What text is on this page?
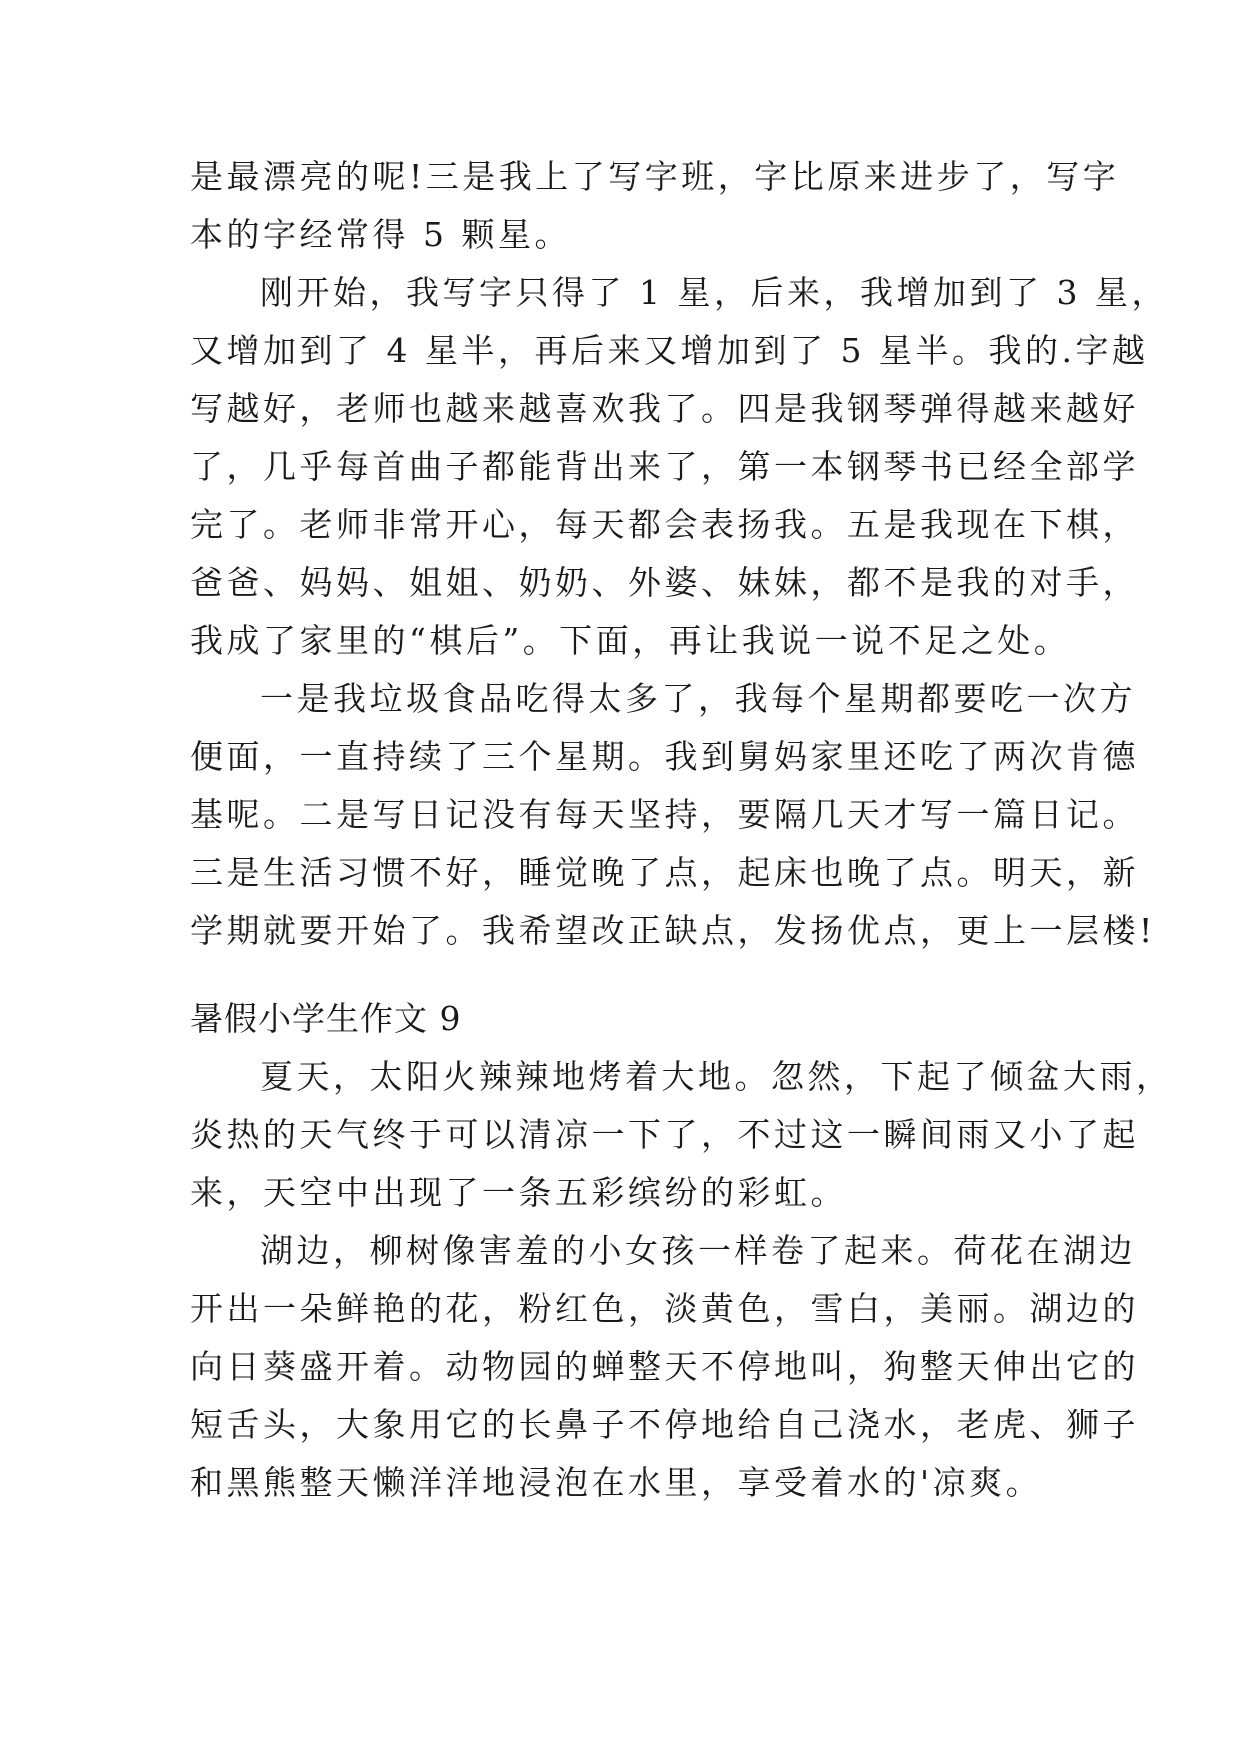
是最漂亮的呢!三是我上了写字班，字比原来进步了，写字
本的字经常得 5 颗星。
刚开始，我写字只得了 1 星，后来，我增加到了 3 星，
又增加到了 4 星半，再后来又增加到了 5 星半。我的.字越
写越好，老师也越来越喜欢我了。四是我钢琴弹得越来越好
了，几乎每首曲子都能背出来了，第一本钢琴书已经全部学
完了。老师非常开心，每天都会表扬我。五是我现在下棋，
爸爸、妈妈、姐姐、奶奶、外婆、妹妹，都不是我的对手，
我成了家里的“棋后”。下面，再让我说一说不足之处。
一是我垃圾食品吃得太多了，我每个星期都要吃一次方
便面，一直持续了三个星期。我到舅妈家里还吃了两次肯德
基呢。二是写日记没有每天坚持，要隔几天才写一篇日记。
三是生活习惯不好，睡觉晚了点，起床也晚了点。明天，新
学期就要开始了。我希望改正缺点，发扬优点，更上一层楼!
暑假小学生作文 9
夏天，太阳火辣辣地烤着大地。忽然，下起了倾盆大雨，
炎热的天气终于可以清凉一下了，不过这一瞬间雨又小了起
来，天空中出现了一条五彩缤纷的彩虹。
湖边，柳树像害羞的小女孩一样卷了起来。荷花在湖边
开出一朵鲜艳的花，粉红色，淡黄色，雪白，美丽。湖边的
向日葵盛开着。动物园的蝉整天不停地叫，狗整天伸出它的
短舌头，大象用它的长鼻子不停地给自己浇水，老虎、狮子
和黑熊整天懒洋洋地浸泡在水里，享受着水的'凉爽。
